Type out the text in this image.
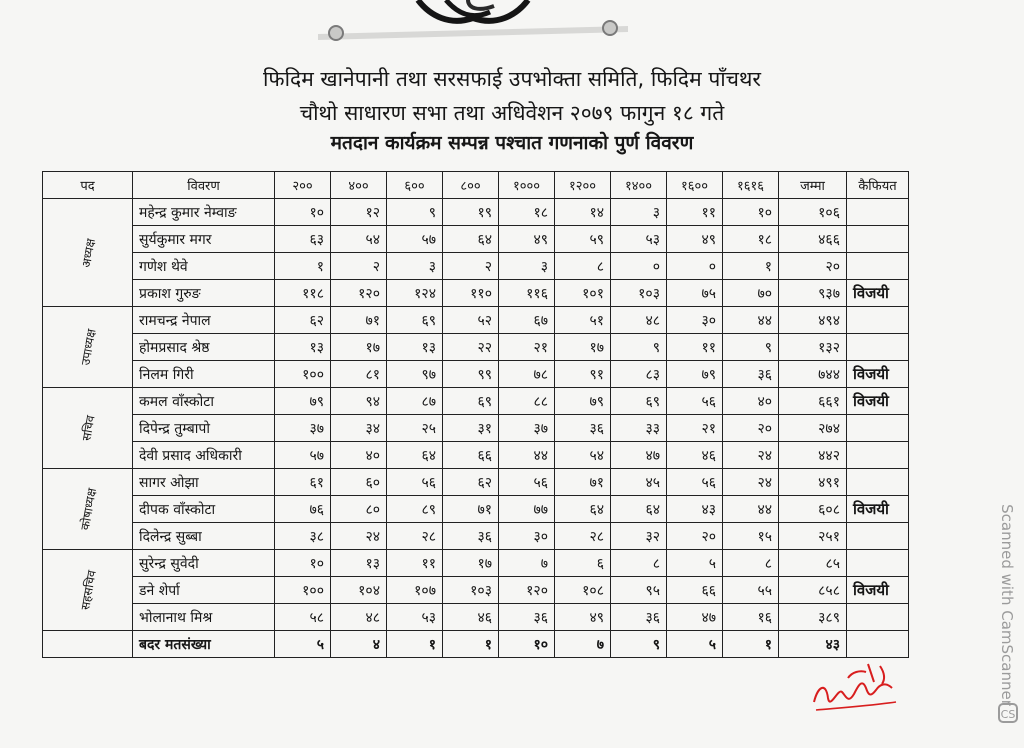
फिदिम खानेपानी तथा सरसफाई उपभोक्ता समिति, फिदिम पाँचथर
चौथो साधारण सभा तथा अधिवेशन २०७९ फागुन १८ गते
मतदान कार्यक्रम सम्पन्न पश्चात गणनाको पुर्ण विवरण
पद	विवरण	२००	४००	६००	८००	१०००	१२००	१४००	१६००	१६१६	जम्मा	कैफियत

अध्यक्ष	महेन्द्र कुमार नेम्वाङ	१०	१२	९	१९	१८	१४	३	११	१०	१०६	
	सुर्यकुमार मगर	६३	५४	५७	६४	४९	५९	५३	४९	१८	४६६	
	गणेश थेवे	१	२	३	२	३	८	०	०	१	२०	
	प्रकाश गुरुङ	११८	१२०	१२४	११०	११६	१०१	१०३	७५	७०	९३७	विजयी

उपाध्यक्ष	रामचन्द्र नेपाल	६२	७१	६९	५२	६७	५१	४८	३०	४४	४९४	
	होमप्रसाद श्रेष्ठ	१३	१७	१३	२२	२१	१७	९	११	९	१३२	
	निलम गिरी	१००	८१	९७	९९	७८	९१	८३	७९	३६	७४४	विजयी

सचिव	कमल वाँस्कोटा	७९	९४	८७	६९	८८	७९	६९	५६	४०	६६१	विजयी
	दिपेन्द्र तुम्बापो	३७	३४	२५	३१	३७	३६	३३	२१	२०	२७४	
	देवी प्रसाद अधिकारी	५७	४०	६४	६६	४४	५४	४७	४६	२४	४४२	

कोषाध्यक्ष	सागर ओझा	६१	६०	५६	६२	५६	७१	४५	५६	२४	४९१	
	दीपक वाँस्कोटा	७६	८०	८९	७१	७७	६४	६४	४३	४४	६०८	विजयी
	दिलेन्द्र सुब्बा	३८	२४	२८	३६	३०	२८	३२	२०	१५	२५१	

सहसचिव	सुरेन्द्र सुवेदी	१०	१३	११	१७	७	६	८	५	८	८५	
	डने शेर्पा	१००	१०४	१०७	१०३	१२०	१०८	९५	६६	५५	८५८	विजयी
	भोलानाथ मिश्र	५८	४८	५३	४६	३६	४९	३६	४७	१६	३८९	
	बदर मतसंख्या	५	४	१	१	१०	७	९	५	१	४३	
CS
Scanned with CamScanner
